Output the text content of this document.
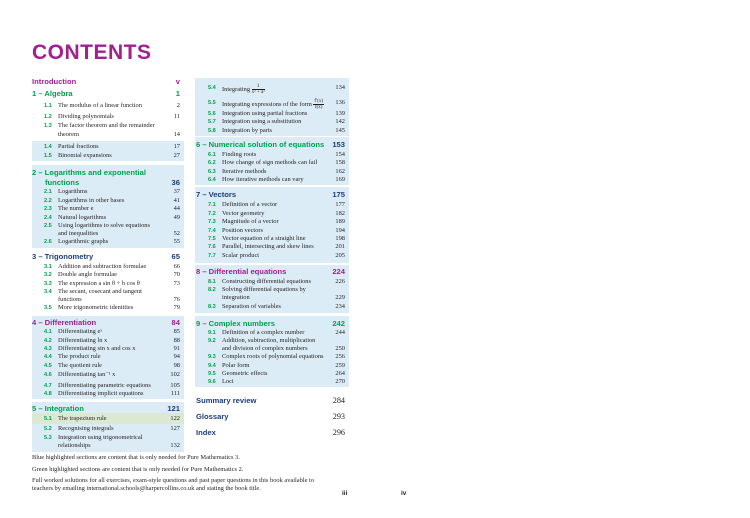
CONTENTS
Introduction	v
1 – Algebra	1
1.1 The modulus of a linear function	2
1.2 Dividing polynomials	11
1.3 The factor theorem and the remainder
theorem	14
1.4 Partial fractions	17
1.5 Binomial expansions	27
2 – Logarithms and exponential
functions	36
2.1 Logarithms	37
2.2 Logarithms in other bases	41
2.3 The number e	44
2.4 Natural logarithms	49
2.5 Using logarithms to solve equations
and inequalities	52
2.6 Logarithmic graphs	55
3 – Trigonometry	65
3.1 Addition and subtraction formulae	66
3.2 Double angle formulae	70
3.3 The expression a sin θ + b cos θ	73
3.4 The secant, cosecant and tangent
functions	76
3.5 More trigonometric identities	79
4 – Differentiation	84
4.1 Differentiating eˣ	85
4.2 Differentiating ln x	88
4.3 Differentiating sin x and cos x	91
4.4 The product rule	94
4.5 The quotient rule	98
4.6 Differentiating tan⁻¹ x	102
4.7 Differentiating parametric equations	105
4.8 Differentiating implicit equations	111
5 – Integration	121
5.1 The trapezium rule	122
5.2 Recognising integrals	127
5.3 Integration using trigonometrical
relationships	132
5.4 Integrating $\frac{1}{\text{x² + a²}}$	134
5.5 Integrating expressions of the form $\frac{f'(x)}{f(x)} 136$
5.6 Integration using partial fractions	139
5.7 Integration using a substitution	142
5.8 Integration by parts	145
6 – Numerical solution of equations 153
6.1 Finding roots	154
6.2 How change of sign methods can fail	158
6.3 Iterative methods	162
6.4 How iterative methods can vary	169
7 – Vectors	175
7.1 Definition of a vector	177
7.2 Vector geometry	182
7.3 Magnitude of a vector	189
7.4 Position vectors	194
7.5 Vector equation of a straight line	198
7.6 Parallel, intersecting and skew lines	201
7.7 Scalar product	205
8 – Differential equations	224
8.1 Constructing differential equations	226
8.2 Solving differential equations by
integration	229
8.3 Separation of variables	234
9 – Complex numbers	242
9.1 Definition of a complex number	244
9.2 Addition, subtraction, multiplication
and division of complex numbers	250
9.3 Complex roots of polynomial equations 256
9.4 Polar form	259
9.5 Geometric effects	264
9.6 Loci	270
Summary review	284
Glossary	293
Index	296
Blue highlighted sections are content that is only needed for Pure Mathematics 3.
Green highlighted sections are content that is only needed for Pure Mathematics 2.
Full worked solutions for all exercises, exam-style questions and past paper questions in this book available to
teachers by emailing international.schools@harpercollins.co.uk and stating the book title.
iii	iv
